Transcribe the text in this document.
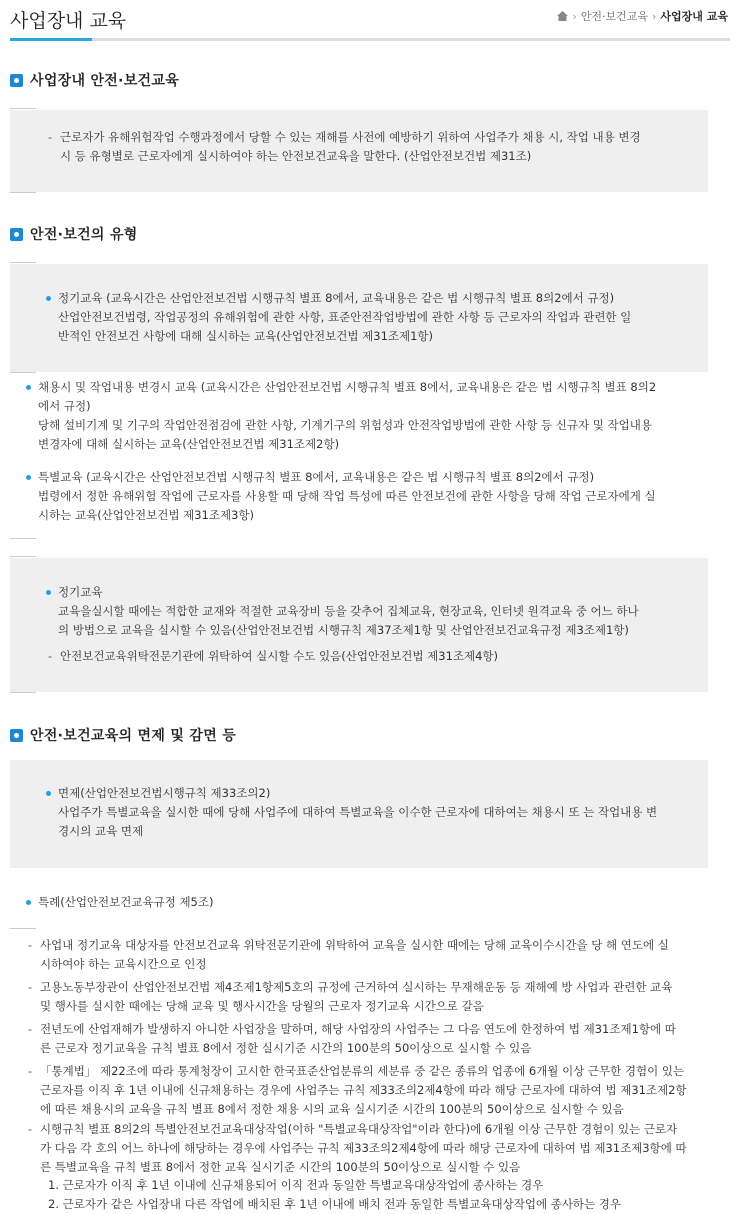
사업장내 교육	› 안전·보건교육 › 사업장내 교육
사업장내 안전·보건교육
- 근로자가 유해위험작업 수행과정에서 당할 수 있는 재해를 사전에 예방하기 위하여 사업주가 채용 시, 작업 내용 변경
시 등 유형별로 근로자에게 실시하여야 하는 안전보건교육을 말한다. (산업안전보건법 제31조)
안전·보건의 유형
정기교육 (교육시간은 산업안전보건법 시행규칙 별표 8에서, 교육내용은 같은 법 시행규칙 별표 8의2에서 규정)
산업안전보건법령, 작업공정의 유해위험에 관한 사항, 표준안전작업방법에 관한 사항 등 근로자의 작업과 관련한 일
반적인 안전보건 사항에 대해 실시하는 교육(산업안전보건법 제31조제1항)
채용시 및 작업내용 변경시 교육 (교육시간은 산업안전보건법 시행규칙 별표 8에서, 교육내용은 같은 법 시행규칙 별표 8의2
에서 규정)
당해 설비기계 및 기구의 작업안전점검에 관한 사항, 기계기구의 위험성과 안전작업방법에 관한 사항 등 신규자 및 작업내용
변경자에 대해 실시하는 교육(산업안전보건법 제31조제2항)
특별교육 (교육시간은 산업안전보건법 시행규칙 별표 8에서, 교육내용은 같은 법 시행규칙 별표 8의2에서 규정)
법령에서 정한 유해위험 작업에 근로자를 사용할 때 당해 작업 특성에 따른 안전보건에 관한 사항을 당해 작업 근로자에게 실
시하는 교육(산업안전보건법 제31조제3항)
정기교육
교육을실시할 때에는 적합한 교재와 적절한 교육장비 등을 갖추어 집체교육, 현장교육, 인터넷 원격교육 중 어느 하나
의 방법으로 교육을 실시할 수 있음(산업안전보건법 시행규칙 제37조제1항 및 산업안전보건교육규정 제3조제1항)
- 안전보건교육위탁전문기관에 위탁하여 실시할 수도 있음(산업안전보건법 제31조제4항)
안전·보건교육의 면제 및 감면 등
면제(산업안전보건법시행규칙 제33조의2)
사업주가 특별교육을 실시한 때에 당해 사업주에 대하여 특별교육을 이수한 근로자에 대하여는 채용시 또 는 작업내용 변
경시의 교육 면제
특례(산업안전보건교육규정 제5조)
- 사업내 정기교육 대상자를 안전보건교육 위탁전문기관에 위탁하여 교육을 실시한 때에는 당해 교육이수시간을 당 해 연도에 실
시하여야 하는 교육시간으로 인정
- 고용노동부장관이 산업안전보건법 제4조제1항제5호의 규정에 근거하여 실시하는 무재해운동 등 재해예 방 사업과 관련한 교육
및 행사를 실시한 때에는 당해 교육 및 행사시간을 당월의 근로자 정기교육 시간으로 갈음
- 전년도에 산업재해가 발생하지 아니한 사업장을 말하며, 해당 사업장의 사업주는 그 다음 연도에 한정하여 법 제31조제1항에 따
른 근로자 정기교육을 규칙 별표 8에서 정한 실시기준 시간의 100분의 50이상으로 실시할 수 있음
- 「통계법」 제22조에 따라 통계청장이 고시한 한국표준산업분류의 세분류 중 같은 종류의 업종에 6개월 이상 근무한 경험이 있는
근로자를 이직 후 1년 이내에 신규채용하는 경우에 사업주는 규칙 제33조의2제4항에 따라 해당 근로자에 대하여 법 제31조제2항
에 따른 채용시의 교육을 규칙 별표 8에서 정한 채용 시의 교육 실시기준 시간의 100분의 50이상으로 실시할 수 있음
- 시행규칙 별표 8의2의 특별안전보건교육대상작업(이하 "특별교육대상작업"이라 한다)에 6개월 이상 근무한 경험이 있는 근로자
가 다음 각 호의 어느 하나에 해당하는 경우에 사업주는 규칙 제33조의2제4항에 따라 해당 근로자에 대하여 법 제31조제3항에 따
른 특별교육을 규칙 별표 8에서 정한 교육 실시기준 시간의 100분의 50이상으로 실시할 수 있음
1. 근로자가 이직 후 1년 이내에 신규채용되어 이직 전과 동일한 특별교육대상작업에 종사하는 경우
2. 근로자가 같은 사업장내 다른 작업에 배치된 후 1년 이내에 배치 전과 동일한 특별교육대상작업에 종사하는 경우
